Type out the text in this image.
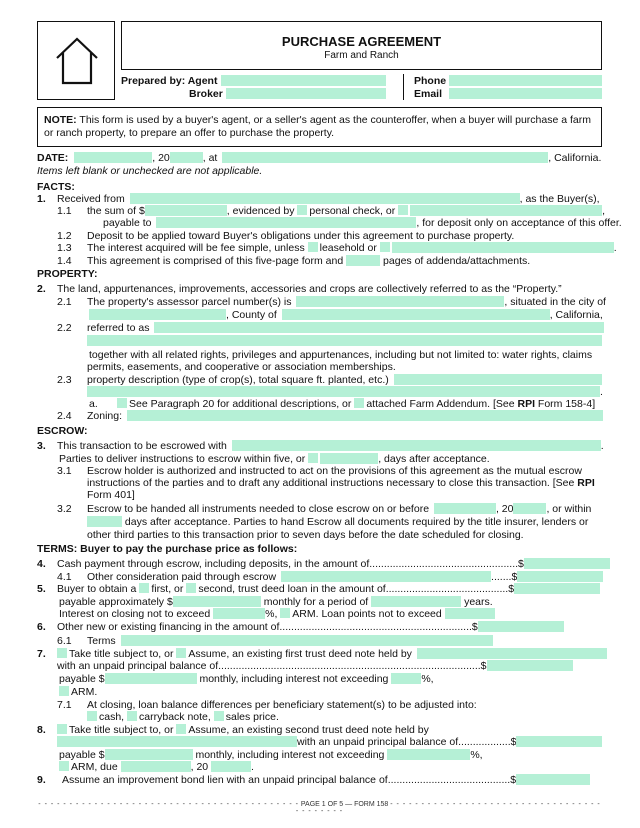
PURCHASE AGREEMENT
Farm and Ranch
Prepared by: Agent
Broker
Phone
Email
NOTE: This form is used by a buyer's agent, or a seller's agent as the counteroffer, when a buyer will purchase a farm or ranch property, to prepare an offer to purchase the property.
DATE:	, 20	, at	, California.
Items left blank or unchecked are not applicable.
FACTS:
1. Received from	, as the Buyer(s),
1.1 the sum of $	, evidenced by personal check, or	,
payable to	, for deposit only on acceptance of this offer.
1.2 Deposit to be applied toward Buyer's obligations under this agreement to purchase property.
1.3 The interest acquired will be fee simple, unless leasehold or	.
1.4 This agreement is comprised of this five-page form and	pages of addenda/attachments.
PROPERTY:
2. The land, appurtenances, improvements, accessories and crops are collectively referred to as the “Property.”
2.1 The property's assessor parcel number(s) is	, situated in the city of
, County of	, California,
2.2 referred to as
together with all related rights, privileges and appurtenances, including but not limited to: water rights, claims
permits, easements, and cooperative or association memberships.
2.3 property description (type of crop(s), total square ft. planted, etc.)
.
a.	See Paragraph 20 for additional descriptions, or attached Farm Addendum. [See RPI Form 158-4]
2.4 Zoning:
ESCROW:
3. This transaction to be escrowed with	.
Parties to deliver instructions to escrow within five, or	, days after acceptance.
3.1 Escrow holder is authorized and instructed to act on the provisions of this agreement as the mutual escrow
instructions of the parties and to draft any additional instructions necessary to close this transaction. [See RPI
Form 401]
3.2 Escrow to be handed all instruments needed to close escrow on or before	, 20	, or within
days after acceptance. Parties to hand Escrow all documents required by the title insurer, lenders or
other third parties to this transaction prior to seven days before the date scheduled for closing.
TERMS: Buyer to pay the purchase price as follows:
4. Cash payment through escrow, including deposits, in the amount of...................................................$
4.1 Other consideration paid through escrow	.......$
5. Buyer to obtain a first, or second, trust deed loan in the amount of..........................................$
payable approximately $	monthly for a period of	years.
Interest on closing not to exceed	%, ARM. Loan points not to exceed
6. Other new or existing financing in the amount of..................................................................$
6.1 Terms
7.	Take title subject to, or Assume, an existing first trust deed note held by
with an unpaid principal balance of..........................................................................................$
payable $	monthly, including interest not exceeding	%,
ARM.
7.1 At closing, loan balance differences per beneficiary statement(s) to be adjusted into:
cash, carryback note, sales price.
8.	Take title subject to, or Assume, an existing second trust deed note held by
with an unpaid principal balance of..................$
payable $	monthly, including interest not exceeding	%,
ARM, due	, 20	.
9. Assume an improvement bond lien with an unpaid principal balance of..........................................$
- - - - - - - - - - - - - - - - - - - - - - - - - - - - - - - - - - - - - - - - - - PAGE 1 OF 5 — FORM 158 - - - - - - - - - - - - - - - - - - - - - - - - - - - - - - - - - - - - - - - - - -
